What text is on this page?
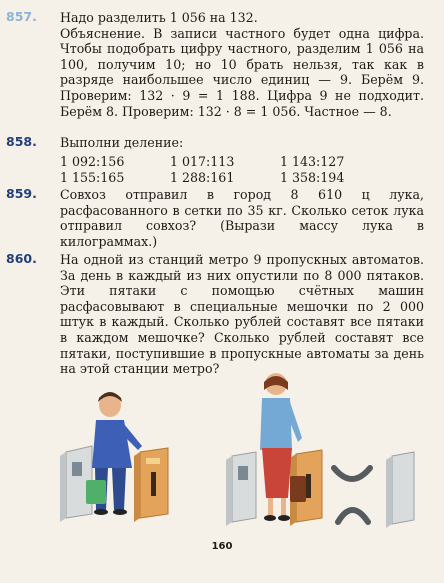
857. Надо разделить 1 056 на 132.

Объяснение. В записи частного будет одна цифра. Чтобы подобрать цифру частного, разделим 1 056 на 100, получим 10; но 10 брать нельзя, так как в разряде наибольшее число единиц — 9. Берём 9. Проверим: 132 · 9 = 1 188. Цифра 9 не подходит. Берём 8. Проверим: 132 · 8 = 1 056. Частное — 8.

858. Выполни деление:
1 092:156	1 017:113	1 143:127
1 155:165	1 288:161	1 358:194
859. Совхоз отправил в город 8 610 ц лука, расфасованного в сетки по 35 кг. Сколько сеток лука отправил совхоз? (Вырази массу лука в килограммах.)
860. На одной из станций метро 9 пропускных автоматов. За день в каждый из них опустили по 8 000 пятаков. Эти пятаки с помощью счётных машин расфасовывают в специальные мешочки по 2 000 штук в каждый. Сколько рублей составят все пятаки в каждом мешочке? Сколько рублей составят все пятаки, поступившие в пропускные автоматы за день на этой станции метро?
160
